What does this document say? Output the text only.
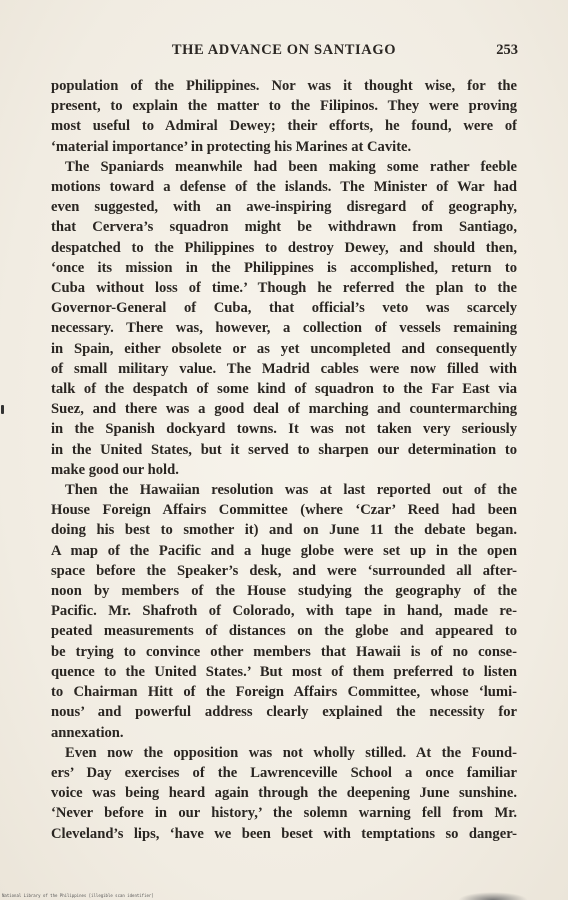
THE ADVANCE ON SANTIAGO	253
population of the Philippines. Nor was it thought wise, for the
present, to explain the matter to the Filipinos. They were proving
most useful to Admiral Dewey; their efforts, he found, were of
‘material importance’ in protecting his Marines at Cavite.
The Spaniards meanwhile had been making some rather feeble
motions toward a defense of the islands. The Minister of War had
even suggested, with an awe-inspiring disregard of geography,
that Cervera’s squadron might be withdrawn from Santiago,
despatched to the Philippines to destroy Dewey, and should then,
‘once its mission in the Philippines is accomplished, return to
Cuba without loss of time.’ Though he referred the plan to the
Governor-General of Cuba, that official’s veto was scarcely
necessary. There was, however, a collection of vessels remaining
in Spain, either obsolete or as yet uncompleted and consequently
of small military value. The Madrid cables were now filled with
talk of the despatch of some kind of squadron to the Far East via
Suez, and there was a good deal of marching and countermarching
in the Spanish dockyard towns. It was not taken very seriously
in the United States, but it served to sharpen our determination to
make good our hold.
Then the Hawaiian resolution was at last reported out of the
House Foreign Affairs Committee (where ‘Czar’ Reed had been
doing his best to smother it) and on June 11 the debate began.
A map of the Pacific and a huge globe were set up in the open
space before the Speaker’s desk, and were ‘surrounded all after-
noon by members of the House studying the geography of the
Pacific. Mr. Shafroth of Colorado, with tape in hand, made re-
peated measurements of distances on the globe and appeared to
be trying to convince other members that Hawaii is of no conse-
quence to the United States.’ But most of them preferred to listen
to Chairman Hitt of the Foreign Affairs Committee, whose ‘lumi-
nous’ and powerful address clearly explained the necessity for
annexation.
Even now the opposition was not wholly stilled. At the Found-
ers’ Day exercises of the Lawrenceville School a once familiar
voice was being heard again through the deepening June sunshine.
‘Never before in our history,’ the solemn warning fell from Mr.
Cleveland’s lips, ‘have we been beset with temptations so danger-
National Library of the Philippines [illegible scan identifier]
